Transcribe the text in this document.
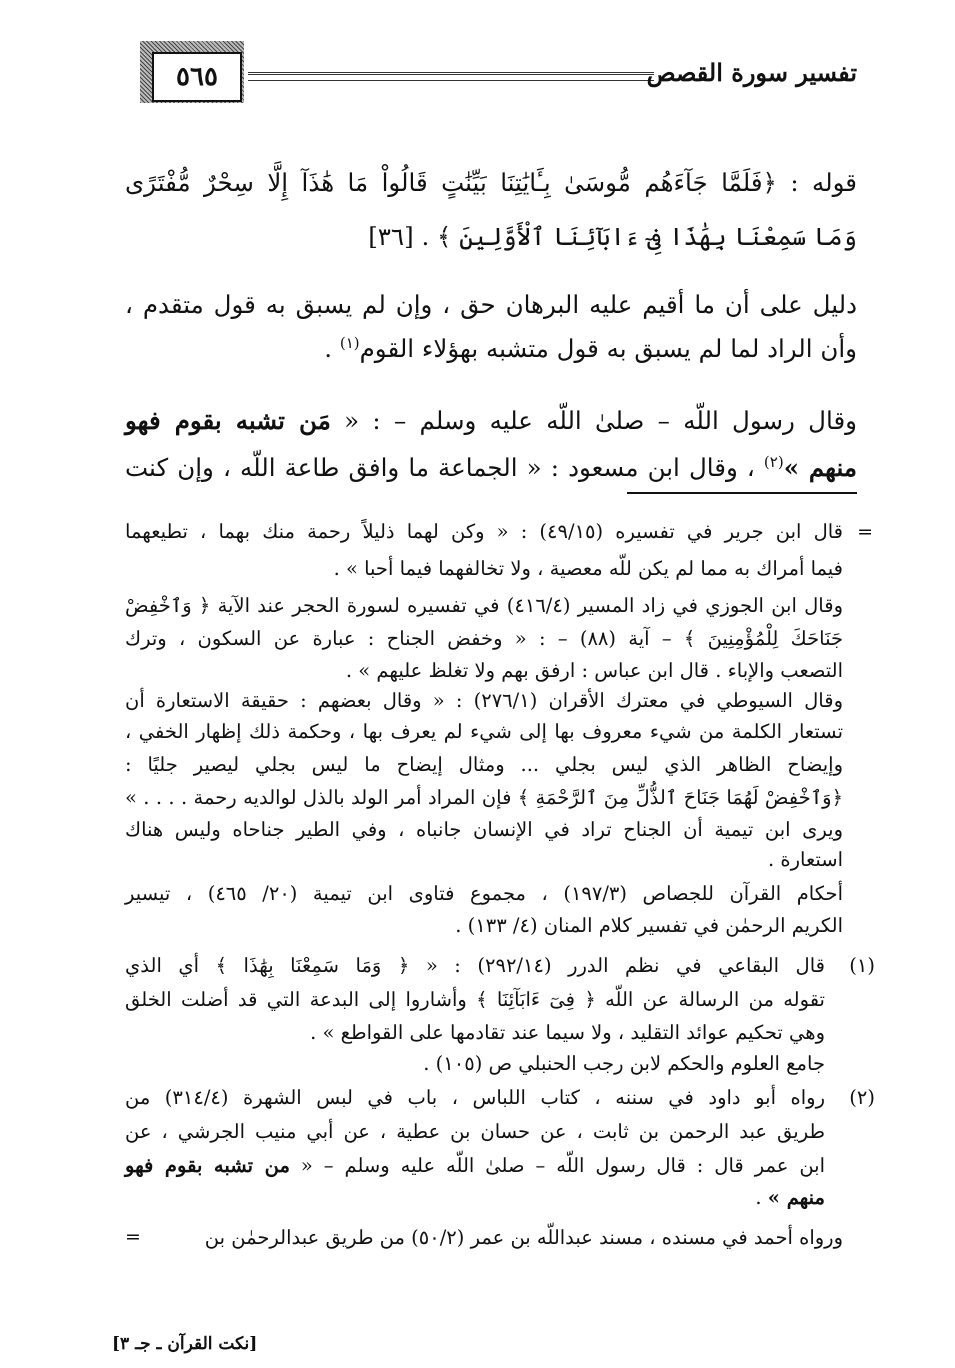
٥٦٥	تفسير سورة القصص
قوله : ﴿فَلَمَّا جَآءَهُم مُّوسَىٰ بِـَٔايَٰتِنَا بَيِّنَٰتٍ قَالُواْ مَا هَٰذَآ إِلَّا سِحْرٌ مُّفْتَرًى
وَمَا سَمِعْنَا بِهَٰذَا فِىٓ ءَابَآئِنَا ٱلْأَوَّلِينَ ﴾ . [٣٦]
دليل على أن ما أقيم عليه البرهان حق ، وإن لم يسبق به قول متقدم ،
وأن الراد لما لم يسبق به قول متشبه بهؤلاء القوم$^{(١)}$ .
وقال رسول اللّه – صلىٰ اللّه عليه وسلم – : « مَن تشبه بقوم فهو
منهم »$^{(٢)}$ ، وقال ابن مسعود : « الجماعة ما وافق طاعة اللّه ، وإن كنت
=
قال ابن جرير في تفسيره (٤٩/١٥) : « وكن لهما ذليلاً رحمة منك بهما ، تطيعهما
فيما أمراك به مما لم يكن للّه معصية ، ولا تخالفهما فيما أحبا » .
وقال ابن الجوزي في زاد المسير (٤١٦/٤) في تفسيره لسورة الحجر عند الآية ﴿ وَٱخْفِضْ
جَنَاحَكَ لِلْمُؤْمِنِينَ ﴾ – آية (٨٨) – : « وخفض الجناح : عبارة عن السكون ، وترك
التصعب والإباء . قال ابن عباس : ارفق بهم ولا تغلظ عليهم » .
وقال السيوطي في معترك الأقران (٢٧٦/١) : « وقال بعضهم : حقيقة الاستعارة أن
تستعار الكلمة من شيء معروف بها إلى شيء لم يعرف بها ، وحكمة ذلك إظهار الخفي ،
وإيضاح الظاهر الذي ليس بجلي ... ومثال إيضاح ما ليس بجلي ليصير جليًا :
﴿وَٱخْفِضْ لَهُمَا جَنَاحَ ٱلذُّلِّ مِنَ ٱلرَّحْمَةِ ﴾ فإن المراد أمر الولد بالذل لوالديه رحمة . . . . »
ويرى ابن تيمية أن الجناح تراد في الإنسان جانباه ، وفي الطير جناحاه وليس هناك
استعارة .
أحكام القرآن للجصاص (١٩٧/٣) ، مجموع فتاوى ابن تيمية (٢٠/ ٤٦٥) ، تيسير
الكريم الرحمٰن في تفسير كلام المنان (٤/ ١٣٣) .
(١)
قال البقاعي في نظم الدرر (٢٩٢/١٤) : « ﴿ وَمَا سَمِعْنَا بِهَٰذَا ﴾ أي الذي
تقوله من الرسالة عن اللّه ﴿ فِىٓ ءَابَآئِنَا ﴾ وأشاروا إلى البدعة التي قد أضلت الخلق
وهي تحكيم عوائد التقليد ، ولا سيما عند تقادمها على القواطع » .
جامع العلوم والحكم لابن رجب الحنبلي ص (١٠٥) .
(٢)
رواه أبو داود في سننه ، كتاب اللباس ، باب في لبس الشهرة (٣١٤/٤) من
طريق عبد الرحمن بن ثابت ، عن حسان بن عطية ، عن أبي منيب الجرشي ، عن
ابن عمر قال : قال رسول اللّه – صلىٰ اللّه عليه وسلم – « من تشبه بقوم فهو
منهم » .
ورواه أحمد في مسنده ، مسند عبداللّه بن عمر (٥٠/٢) من طريق عبدالرحمٰن بن
=
[نكت القرآن ـ جـ ٣]
